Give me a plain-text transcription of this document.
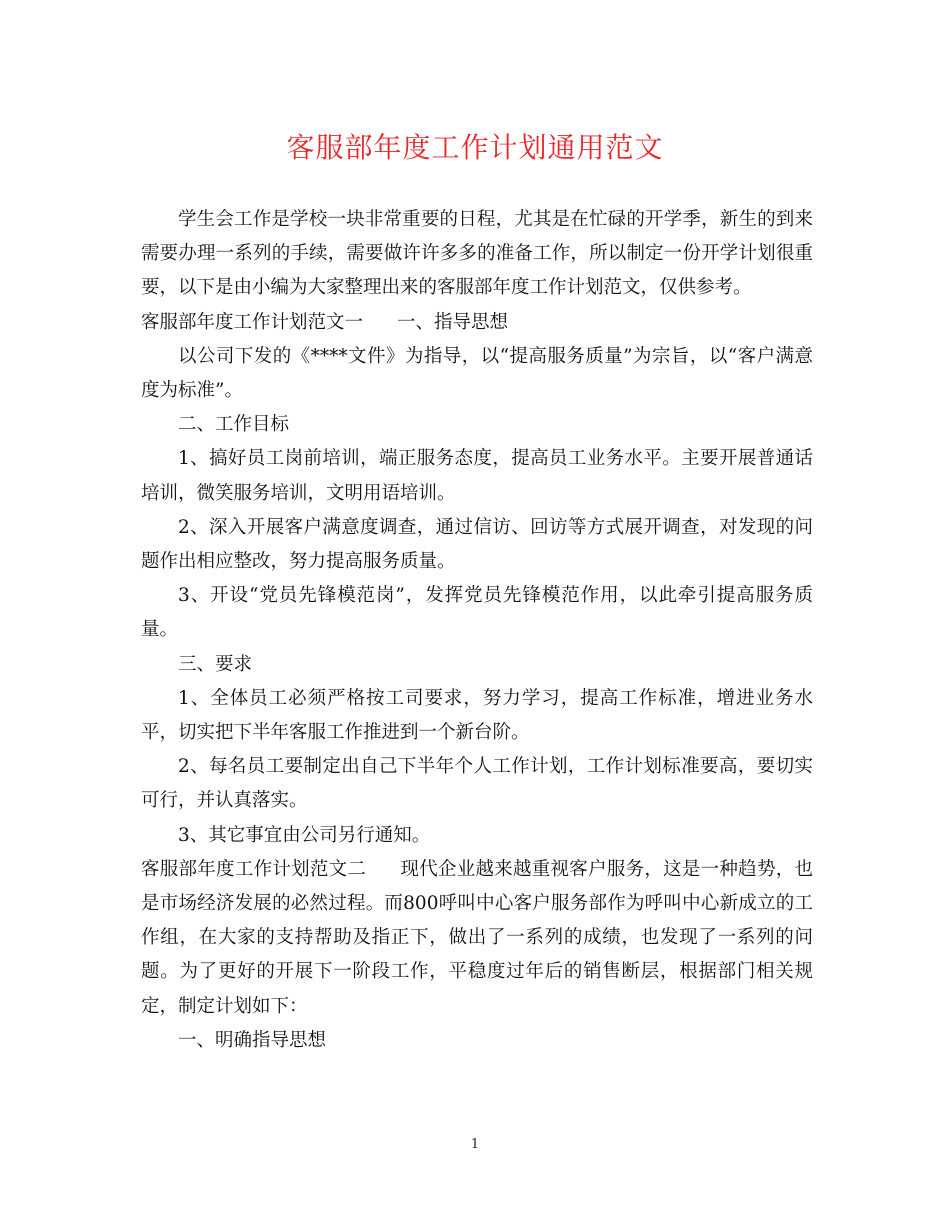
客服部年度工作计划通用范文

学生会工作是学校一块非常重要的日程，尤其是在忙碌的开学季，新生的到来需要办理一系列的手续，需要做许许多多的准备工作，所以制定一份开学计划很重要，以下是由小编为大家整理出来的客服部年度工作计划范文，仅供参考。

客服部年度工作计划范文一 一、指导思想

以公司下发的《****文件》为指导，以“提高服务质量”为宗旨，以“客户满意度为标准”。

二、工作目标

1、搞好员工岗前培训，端正服务态度，提高员工业务水平。主要开展普通话培训，微笑服务培训，文明用语培训。

2、深入开展客户满意度调查，通过信访、回访等方式展开调查，对发现的问题作出相应整改，努力提高服务质量。

3、开设“党员先锋模范岗”，发挥党员先锋模范作用，以此牵引提高服务质量。

三、要求

1、全体员工必须严格按工司要求，努力学习，提高工作标准，增进业务水平，切实把下半年客服工作推进到一个新台阶。

2、每名员工要制定出自己下半年个人工作计划，工作计划标准要高，要切实可行，并认真落实。

3、其它事宜由公司另行通知。

客服部年度工作计划范文二 现代企业越来越重视客户服务，这是一种趋势，也是市场经济发展的必然过程。而800呼叫中心客户服务部作为呼叫中心新成立的工作组，在大家的支持帮助及指正下，做出了一系列的成绩，也发现了一系列的问题。为了更好的开展下一阶段工作，平稳度过年后的销售断层，根据部门相关规定，制定计划如下：

一、明确指导思想

1
